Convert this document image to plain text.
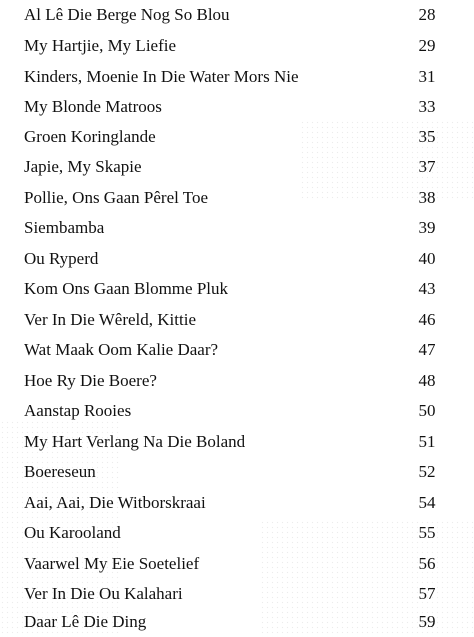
Al Lê Die Berge Nog So Blou	28
My Hartjie, My Liefie	29
Kinders, Moenie In Die Water Mors Nie	31
My Blonde Matroos	33
Groen Koringlande	35
Japie, My Skapie	37
Pollie, Ons Gaan Pêrel Toe	38
Siembamba	39
Ou Ryperd	40
Kom Ons Gaan Blomme Pluk	43
Ver In Die Wêreld, Kittie	46
Wat Maak Oom Kalie Daar?	47
Hoe Ry Die Boere?	48
Aanstap Rooies	50
My Hart Verlang Na Die Boland	51
Boereseun	52
Aai, Aai, Die Witborskraai	54
Ou Karooland	55
Vaarwel My Eie Soetelief	56
Ver In Die Ou Kalahari	57
Daar Lê Die Ding	59
